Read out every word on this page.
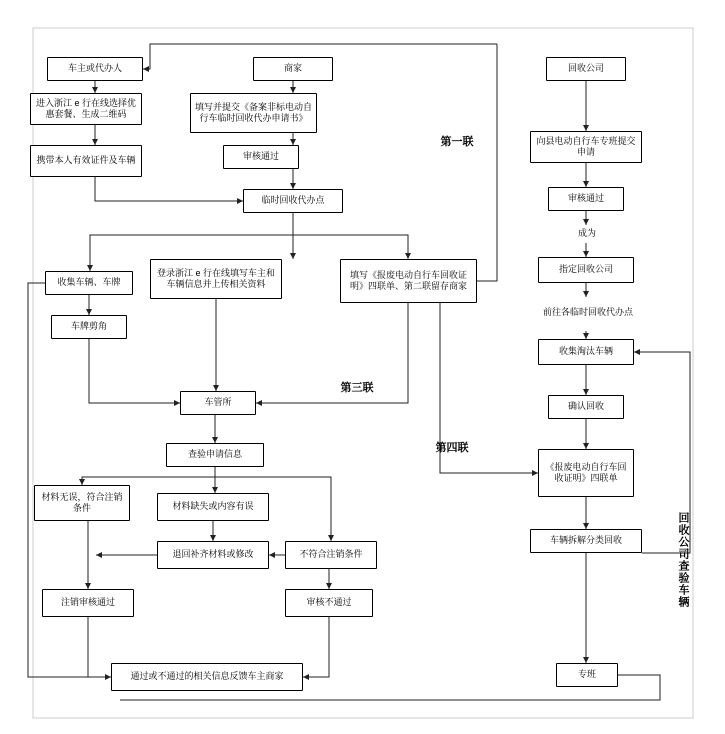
车主或代办人
进入浙江 e 行在线选择优惠套餐、生成二维码
携带本人有效证件及车辆
商家
填写并提交《备案非标电动自行车临时回收代办申请书》
审核通过
临时回收代办点
收集车辆、车牌
车牌剪角
登录浙江 e 行在线填写车主和车辆信息并上传相关资料
填写《报废电动自行车回收证明》四联单、第二联留存商家
车管所
查验申请信息
材料无误，符合注销条件	材料缺失或内容有误
退回补齐材料或修改	不符合注销条件
注销审核通过	审核不通过
通过或不通过的相关信息反馈车主商家
回收公司
向县电动自行车专班提交申请
审核通过
指定回收公司
收集淘汰车辆
确认回收
《报废电动自行车回收证明》四联单
车辆拆解分类回收
专班
成为
前往各临时回收代办点
第一联
第三联
第四联
回收公司查验车辆
